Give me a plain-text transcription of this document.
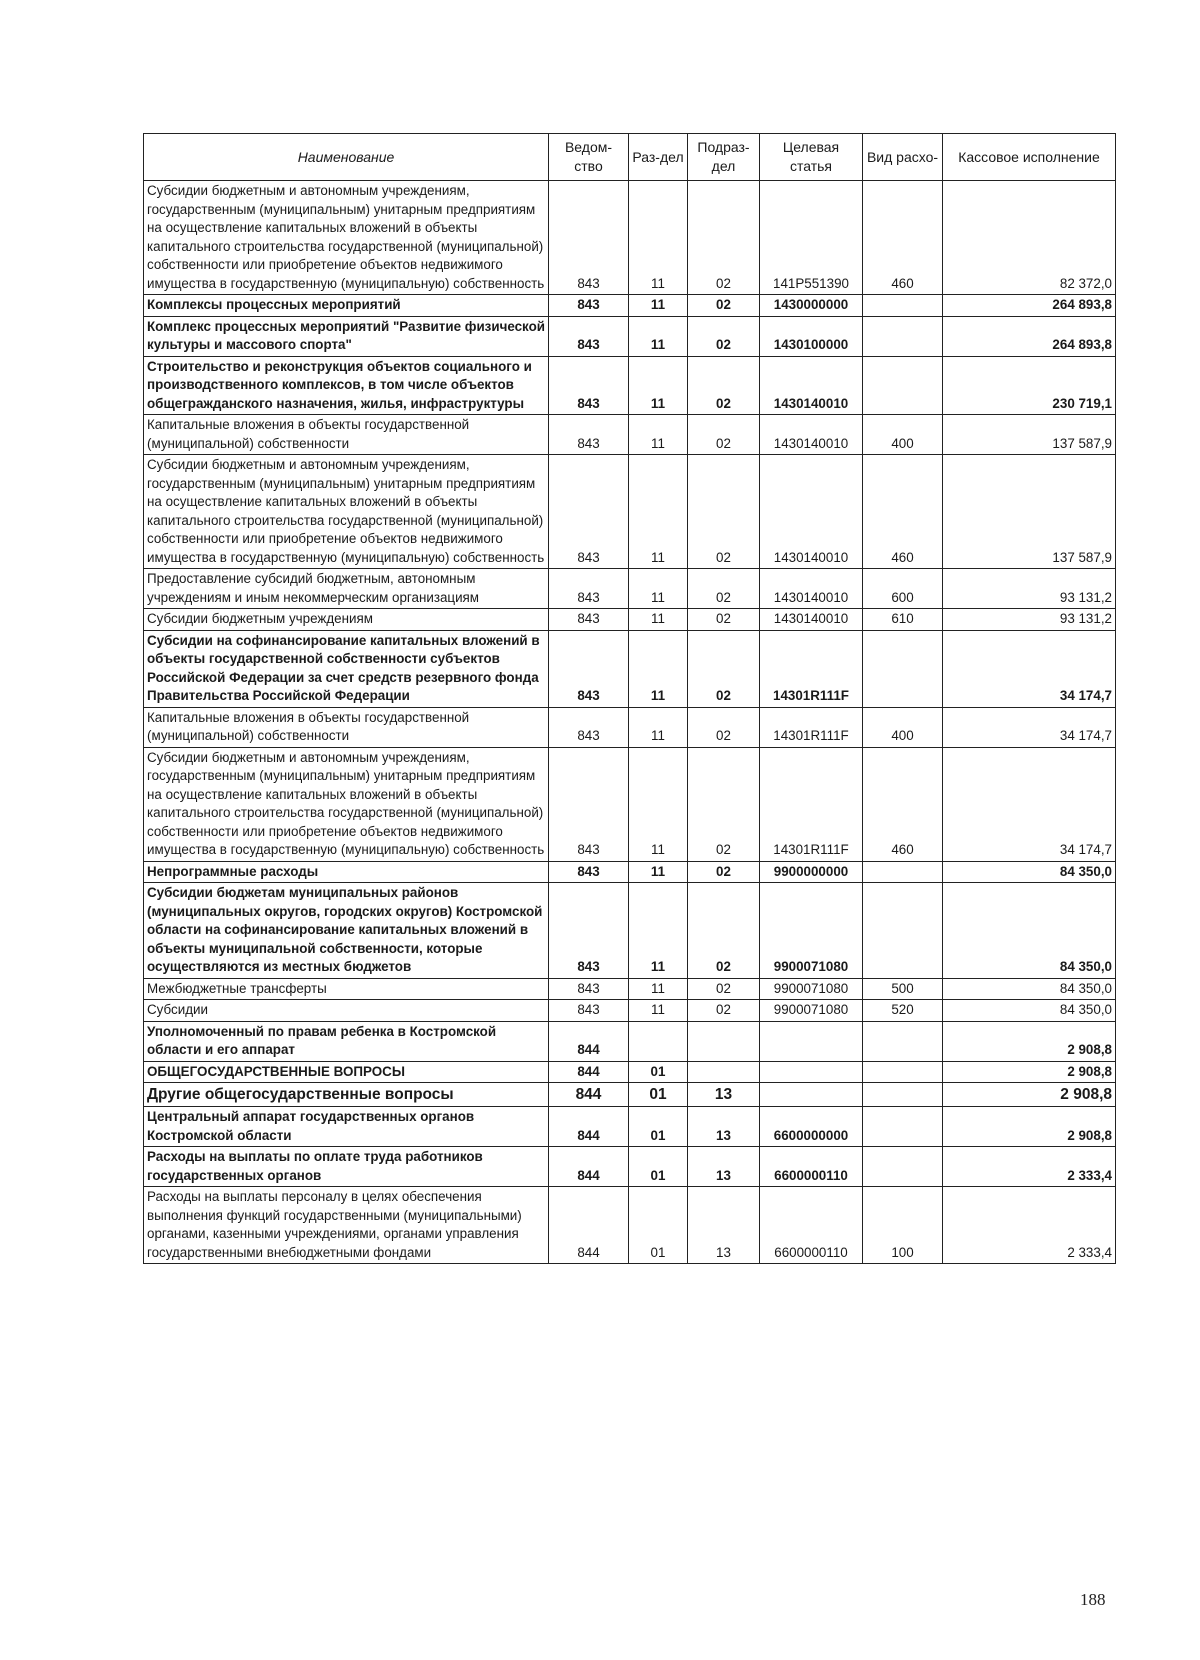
Наименование	Ведом-ство	Раз-дел	Подраз-дел	Целевая статья	Вид расхо-	Кассовое исполнение
Субсидии бюджетным и автономным учреждениям, государственным (муниципальным) унитарным предприятиям на осуществление капитальных вложений в объекты капитального строительства государственной (муниципальной) собственности или приобретение объектов недвижимого имущества в государственную (муниципальную) собственность	843	11	02	141P551390	460	82 372,0
Комплексы процессных мероприятий	843	11	02	1430000000		264 893,8
Комплекс процессных мероприятий "Развитие физической культуры и массового спорта"	843	11	02	1430100000		264 893,8
Строительство и реконструкция объектов социального и производственного комплексов, в том числе объектов общегражданского назначения, жилья, инфраструктуры	843	11	02	1430140010		230 719,1
Капитальные вложения в объекты государственной (муниципальной) собственности	843	11	02	1430140010	400	137 587,9
Субсидии бюджетным и автономным учреждениям, государственным (муниципальным) унитарным предприятиям на осуществление капитальных вложений в объекты капитального строительства государственной (муниципальной) собственности или приобретение объектов недвижимого имущества в государственную (муниципальную) собственность	843	11	02	1430140010	460	137 587,9
Предоставление субсидий бюджетным, автономным учреждениям и иным некоммерческим организациям	843	11	02	1430140010	600	93 131,2
Субсидии бюджетным учреждениям	843	11	02	1430140010	610	93 131,2
Субсидии на софинансирование капитальных вложений в объекты государственной собственности субъектов Российской Федерации за счет средств резервного фонда Правительства Российской Федерации	843	11	02	14301R111F		34 174,7
Капитальные вложения в объекты государственной (муниципальной) собственности	843	11	02	14301R111F	400	34 174,7
Субсидии бюджетным и автономным учреждениям, государственным (муниципальным) унитарным предприятиям на осуществление капитальных вложений в объекты капитального строительства государственной (муниципальной) собственности или приобретение объектов недвижимого имущества в государственную (муниципальную) собственность	843	11	02	14301R111F	460	34 174,7
Непрограммные расходы	843	11	02	9900000000		84 350,0
Субсидии бюджетам муниципальных районов (муниципальных округов, городских округов) Костромской области на софинансирование капитальных вложений в объекты муниципальной собственности, которые осуществляются из местных бюджетов	843	11	02	9900071080		84 350,0
Межбюджетные трансферты	843	11	02	9900071080	500	84 350,0
Субсидии	843	11	02	9900071080	520	84 350,0
Уполномоченный по правам ребенка в Костромской области и его аппарат	844					2 908,8
ОБЩЕГОСУДАРСТВЕННЫЕ ВОПРОСЫ	844	01				2 908,8
Другие общегосударственные вопросы	844	01	13			2 908,8
Центральный аппарат государственных органов Костромской области	844	01	13	6600000000		2 908,8
Расходы на выплаты по оплате труда работников государственных органов	844	01	13	6600000110		2 333,4
Расходы на выплаты персоналу в целях обеспечения выполнения функций государственными (муниципальными) органами, казенными учреждениями, органами управления государственными внебюджетными фондами	844	01	13	6600000110	100	2 333,4
188
